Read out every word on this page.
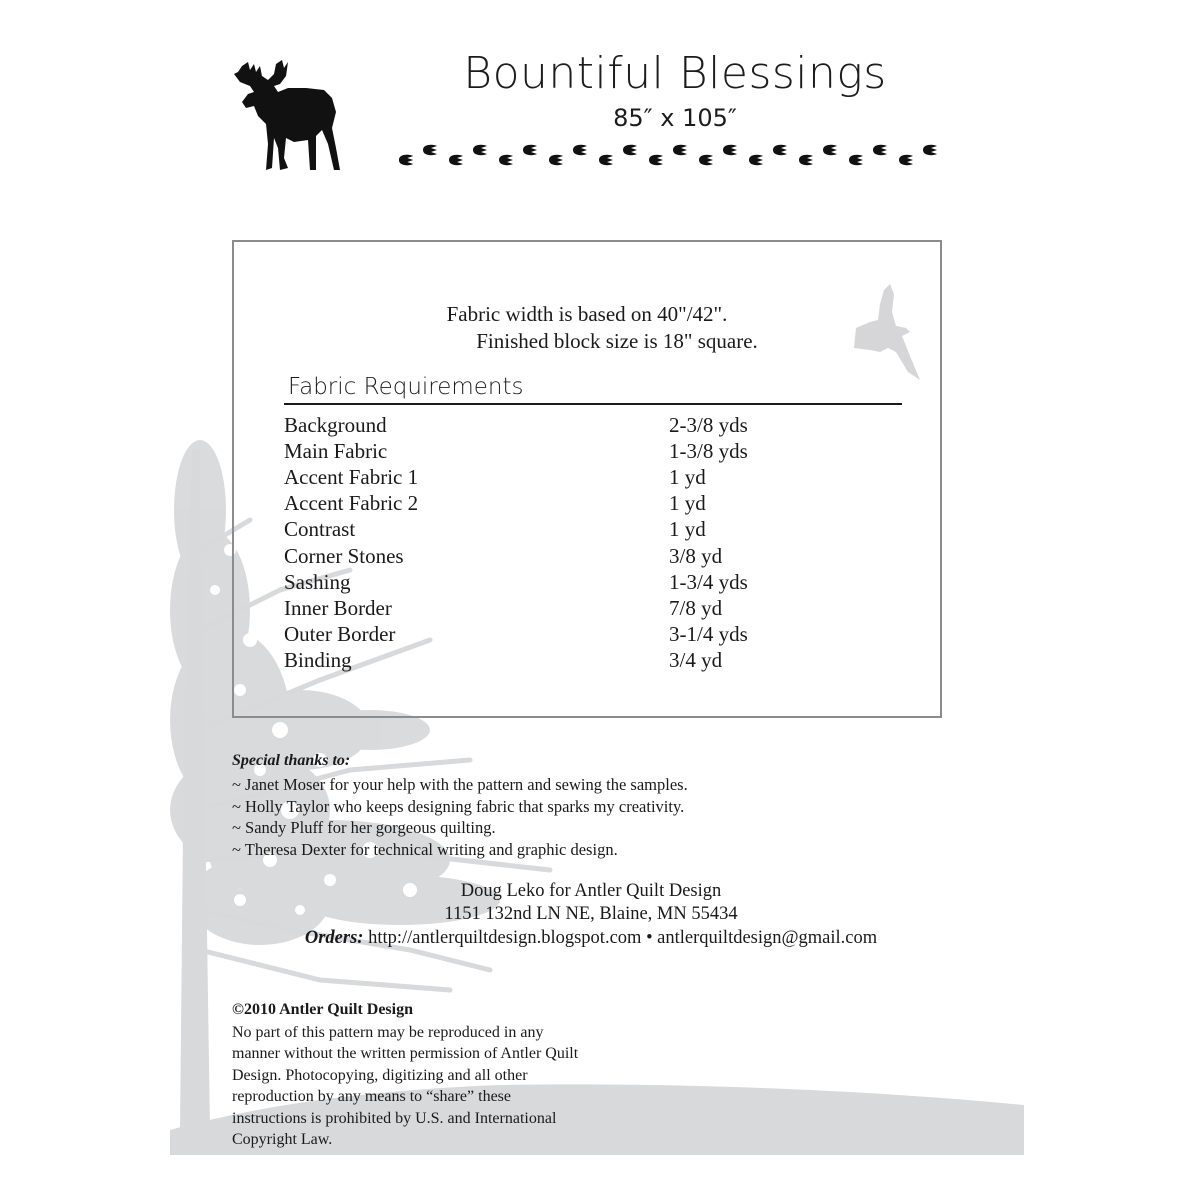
Bountiful Blessings
85″ x 105″
Fabric width is based on 40"/42".
Finished block size is 18" square.
Fabric Requirements
Background	2-3/8 yds
Main Fabric	1-3/8 yds
Accent Fabric 1	1 yd
Accent Fabric 2	1 yd
Contrast	1 yd
Corner Stones	3/8 yd
Sashing	1-3/4 yds
Inner Border	7/8 yd
Outer Border	3-1/4 yds
Binding	3/4 yd
Special thanks to:
~ Janet Moser for your help with the pattern and sewing the samples.
~ Holly Taylor who keeps designing fabric that sparks my creativity.
~ Sandy Pluff for her gorgeous quilting.
~ Theresa Dexter for technical writing and graphic design.
Doug Leko for Antler Quilt Design
1151 132nd LN NE, Blaine, MN 55434
Orders: http://antlerquiltdesign.blogspot.com • antlerquiltdesign@gmail.com
©2010 Antler Quilt Design

No part of this pattern may be reproduced in any
manner without the written permission of Antler Quilt
Design. Photocopying, digitizing and all other
reproduction by any means to “share” these
instructions is prohibited by U.S. and International
Copyright Law.
